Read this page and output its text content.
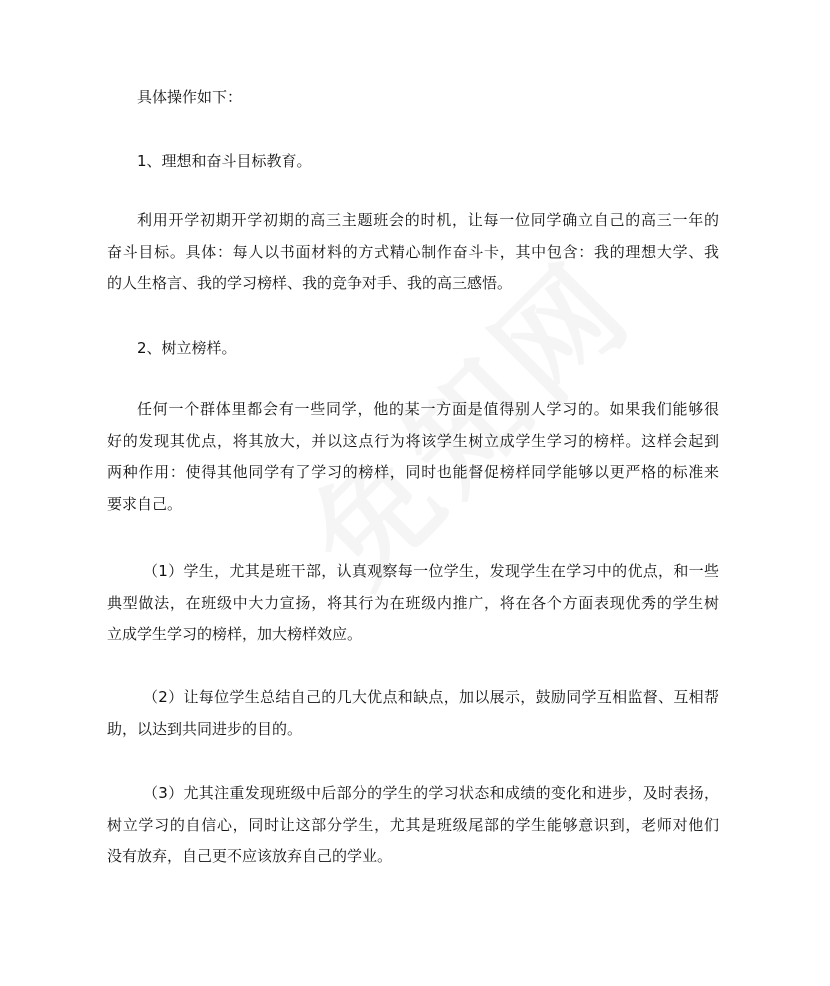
具体操作如下：
1、理想和奋斗目标教育。
利用开学初期开学初期的高三主题班会的时机，让每一位同学确立自己的高三一年的
奋斗目标。具体：每人以书面材料的方式精心制作奋斗卡，其中包含：我的理想大学、我
的人生格言、我的学习榜样、我的竞争对手、我的高三感悟。
2、树立榜样。
任何一个群体里都会有一些同学，他的某一方面是值得别人学习的。如果我们能够很
好的发现其优点，将其放大，并以这点行为将该学生树立成学生学习的榜样。这样会起到
两种作用：使得其他同学有了学习的榜样，同时也能督促榜样同学能够以更严格的标准来
要求自己。
（1）学生，尤其是班干部，认真观察每一位学生，发现学生在学习中的优点，和一些
典型做法，在班级中大力宣扬，将其行为在班级内推广，将在各个方面表现优秀的学生树
立成学生学习的榜样，加大榜样效应。
（2）让每位学生总结自己的几大优点和缺点，加以展示，鼓励同学互相监督、互相帮
助，以达到共同进步的目的。
（3）尤其注重发现班级中后部分的学生的学习状态和成绩的变化和进步，及时表扬，
树立学习的自信心，同时让这部分学生，尤其是班级尾部的学生能够意识到，老师对他们
没有放弃，自己更不应该放弃自己的学业。
